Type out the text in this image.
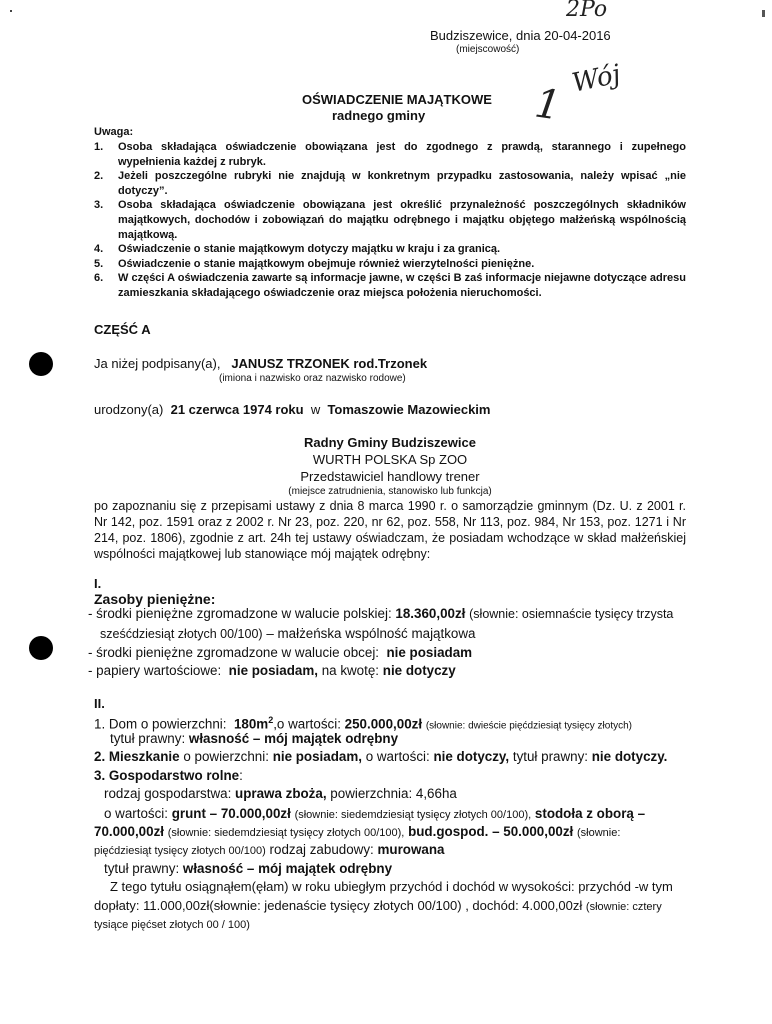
2Po
Wój
1
Budziszewice, dnia 20-04-2016
(miejscowość)
OŚWIADCZENIE MAJĄTKOWE
radnego gminy
Uwaga:
1. Osoba składająca oświadczenie obowiązana jest do zgodnego z prawdą, starannego i zupełnego wypełnienia każdej z rubryk.
2. Jeżeli poszczególne rubryki nie znajdują w konkretnym przypadku zastosowania, należy wpisać „nie dotyczy”.
3. Osoba składająca oświadczenie obowiązana jest określić przynależność poszczególnych składników majątkowych, dochodów i zobowiązań do majątku odrębnego i majątku objętego małżeńską wspólnością majątkową.
4. Oświadczenie o stanie majątkowym dotyczy majątku w kraju i za granicą.
5. Oświadczenie o stanie majątkowym obejmuje również wierzytelności pieniężne.
6. W części A oświadczenia zawarte są informacje jawne, w części B zaś informacje niejawne dotyczące adresu zamieszkania składającego oświadczenie oraz miejsca położenia nieruchomości.
CZĘŚĆ A
Ja niżej podpisany(a), JANUSZ TRZONEK rod.Trzonek
(imiona i nazwisko oraz nazwisko rodowe)
urodzony(a) 21 czerwca 1974 roku w Tomaszowie Mazowieckim
Radny Gminy Budziszewice
WURTH POLSKA Sp ZOO
Przedstawiciel handlowy trener
(miejsce zatrudnienia, stanowisko lub funkcja)
po zapoznaniu się z przepisami ustawy z dnia 8 marca 1990 r. o samorządzie gminnym (Dz. U. z 2001 r. Nr 142, poz. 1591 oraz z 2002 r. Nr 23, poz. 220, nr 62, poz. 558, Nr 113, poz. 984, Nr 153, poz. 1271 i Nr 214, poz. 1806), zgodnie z art. 24h tej ustawy oświadczam, że posiadam wchodzące w skład małżeńskiej wspólności majątkowej lub stanowiące mój majątek odrębny:
I.
Zasoby pieniężne:
- środki pieniężne zgromadzone w walucie polskiej: 18.360,00zł (słownie: osiemnaście tysięcy trzysta
sześćdziesiąt złotych 00/100) – małżeńska wspólność majątkowa
- środki pieniężne zgromadzone w walucie obcej: nie posiadam
- papiery wartościowe: nie posiadam, na kwotę: nie dotyczy
II.
1. Dom o powierzchni: $180m^2,o$ wartości: 250.000,00zł (słownie: dwieście pięćdziesiąt tysięcy złotych)
tytuł prawny: własność – mój majątek odrębny
2. Mieszkanie o powierzchni: nie posiadam, o wartości: nie dotyczy, tytuł prawny: nie dotyczy.
3. Gospodarstwo rolne:
rodzaj gospodarstwa: uprawa zboża, powierzchnia: 4,66ha
o wartości: grunt – 70.000,00zł (słownie: siedemdziesiąt tysięcy złotych 00/100), stodoła z oborą –
70.000,00zł (słownie: siedemdziesiąt tysięcy złotych 00/100), bud.gospod. – 50.000,00zł (słownie:
pięćdziesiąt tysięcy złotych 00/100) rodzaj zabudowy: murowana
tytuł prawny: własność – mój majątek odrębny
Z tego tytułu osiągnąłem(ęłam) w roku ubiegłym przychód i dochód w wysokości: przychód -w tym
dopłaty: 11.000,00zł(słownie: jedenaście tysięcy złotych 00/100) , dochód: 4.000,00zł (słownie: cztery
tysiące pięćset złotych 00 / 100)
